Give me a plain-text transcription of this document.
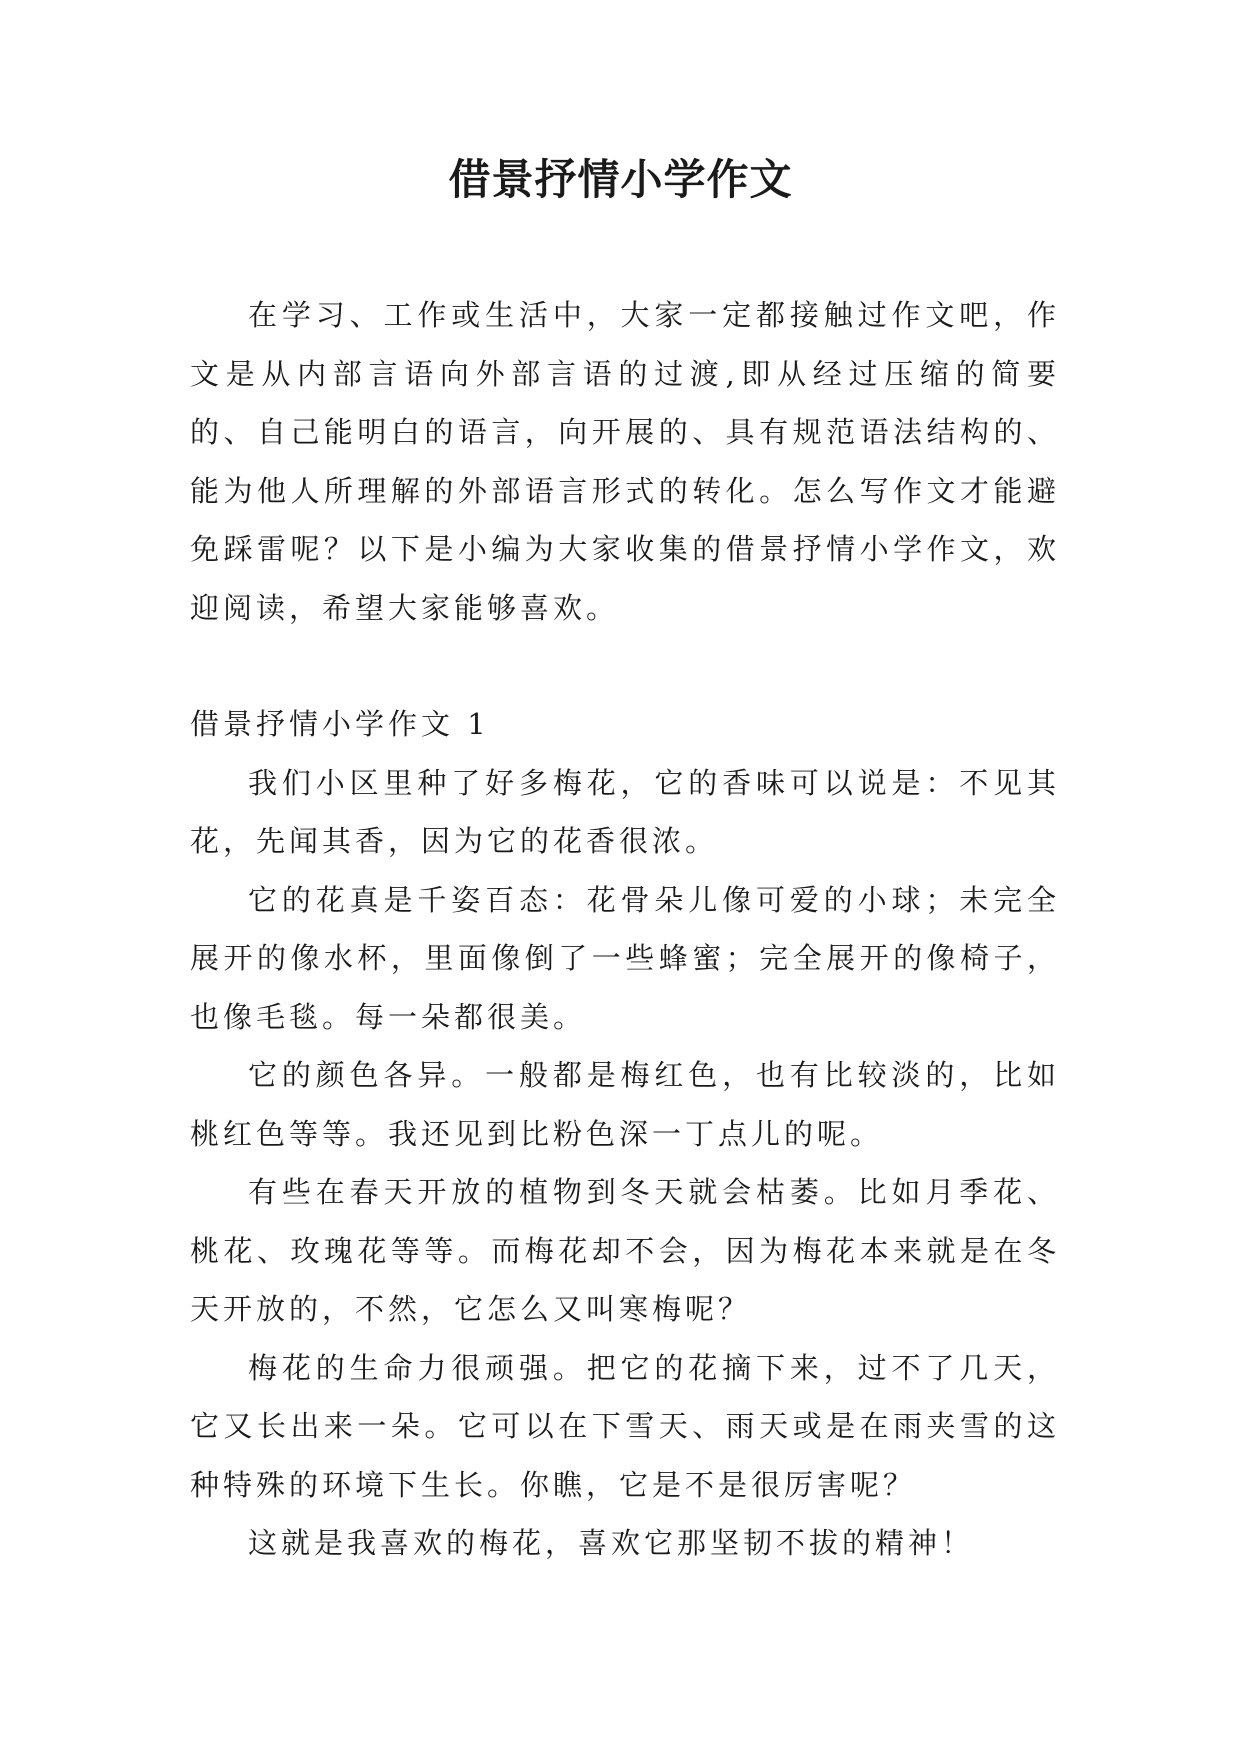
借景抒情小学作文

在学习、工作或生活中，大家一定都接触过作文吧，作文是从内部言语向外部言语的过渡,即从经过压缩的简要的、自己能明白的语言，向开展的、具有规范语法结构的、能为他人所理解的外部语言形式的转化。怎么写作文才能避免踩雷呢？以下是小编为大家收集的借景抒情小学作文，欢迎阅读，希望大家能够喜欢。

借景抒情小学作文 1

我们小区里种了好多梅花，它的香味可以说是：不见其花，先闻其香，因为它的花香很浓。

它的花真是千姿百态：花骨朵儿像可爱的小球；未完全展开的像水杯，里面像倒了一些蜂蜜；完全展开的像椅子，也像毛毯。每一朵都很美。

它的颜色各异。一般都是梅红色，也有比较淡的，比如桃红色等等。我还见到比粉色深一丁点儿的呢。

有些在春天开放的植物到冬天就会枯萎。比如月季花、桃花、玫瑰花等等。而梅花却不会，因为梅花本来就是在冬天开放的，不然，它怎么又叫寒梅呢？

梅花的生命力很顽强。把它的花摘下来，过不了几天，它又长出来一朵。它可以在下雪天、雨天或是在雨夹雪的这种特殊的环境下生长。你瞧，它是不是很厉害呢？

这就是我喜欢的梅花，喜欢它那坚韧不拔的精神！
